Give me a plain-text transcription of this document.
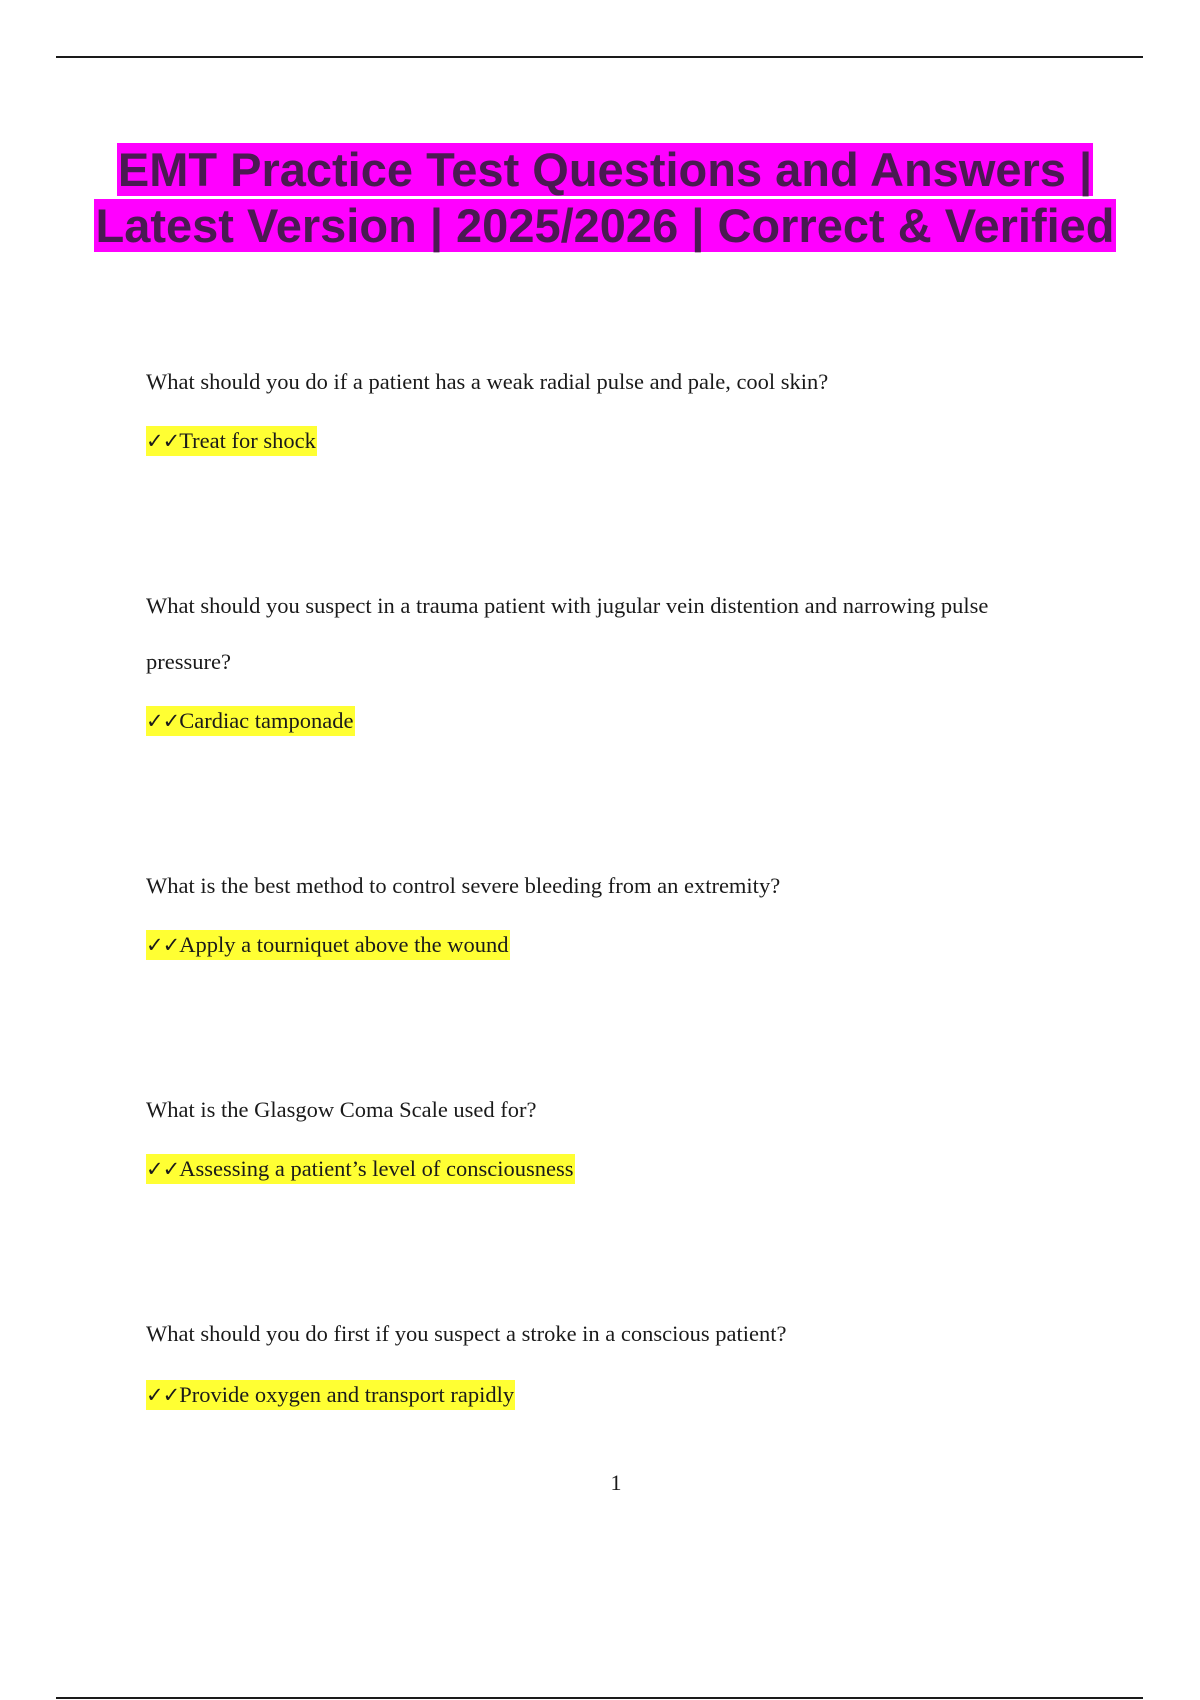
EMT Practice Test Questions and Answers | Latest Version | 2025/2026 | Correct & Verified

What should you do if a patient has a weak radial pulse and pale, cool skin?

✓✓Treat for shock

What should you suspect in a trauma patient with jugular vein distention and narrowing pulse pressure?

✓✓Cardiac tamponade

What is the best method to control severe bleeding from an extremity?

✓✓Apply a tourniquet above the wound

What is the Glasgow Coma Scale used for?

✓✓Assessing a patient’s level of consciousness

What should you do first if you suspect a stroke in a conscious patient?

✓✓Provide oxygen and transport rapidly

1
